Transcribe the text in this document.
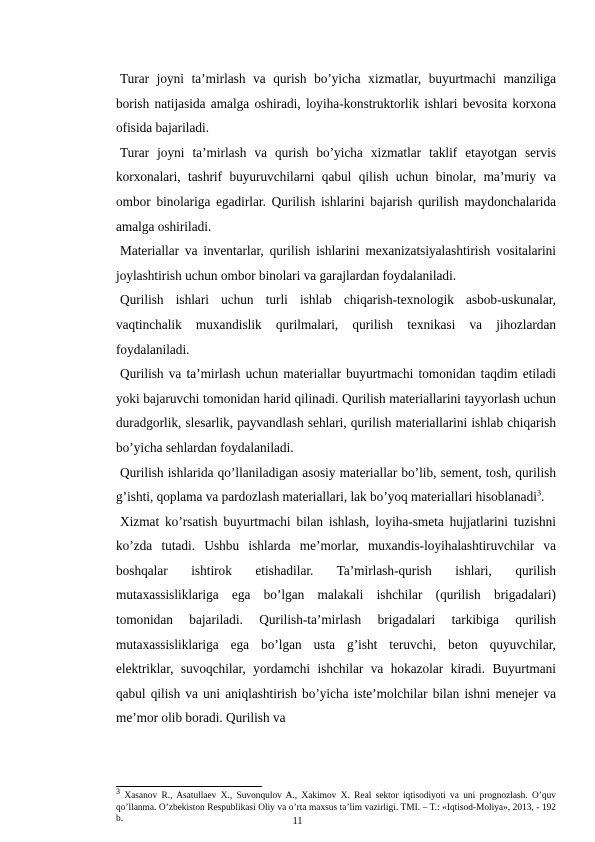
Turar joyni ta’mirlash va qurish bo’yicha xizmatlar, buyurtmachi manziliga borish natijasida amalga oshiradi, loyiha-konstruktorlik ishlari bevosita korxona ofisida bajariladi.

Turar joyni ta’mirlash va qurish bo’yicha xizmatlar taklif etayotgan servis korxonalari, tashrif buyuruvchilarni qabul qilish uchun binolar, ma’muriy va ombor binolariga egadirlar. Qurilish ishlarini bajarish qurilish maydonchalarida amalga oshiriladi.

Materiallar va inventarlar, qurilish ishlarini mexanizatsiyalashtirish vositalarini joylashtirish uchun ombor binolari va garajlardan foydalaniladi.

Qurilish ishlari uchun turli ishlab chiqarish-texnologik asbob-uskunalar, vaqtinchalik muxandislik qurilmalari, qurilish texnikasi va jihozlardan foydalaniladi.

Qurilish va ta’mirlash uchun materiallar buyurtmachi tomonidan taqdim etiladi yoki bajaruvchi tomonidan harid qilinadi. Qurilish materiallarini tayyorlash uchun duradgorlik, slesarlik, payvandlash sehlari, qurilish materiallarini ishlab chiqarish bo’yicha sehlardan foydalaniladi.

Qurilish ishlarida qo’llaniladigan asosiy materiallar bo’lib, sement, tosh, qurilish g’ishti, qoplama va pardozlash materiallari, lak bo’yoq materiallari hisoblanadi$^3$.

Xizmat ko’rsatish buyurtmachi bilan ishlash, loyiha-smeta hujjatlarini tuzishni ko’zda tutadi. Ushbu ishlarda me’morlar, muxandis-loyihalashtiruvchilar va boshqalar ishtirok etishadilar. Ta’mirlash-qurish ishlari, qurilish mutaxassisliklariga ega bo’lgan malakali ishchilar (qurilish brigadalari) tomonidan bajariladi. Qurilish-ta’mirlash brigadalari tarkibiga qurilish mutaxassisliklariga ega bo’lgan usta g’isht teruvchi, beton quyuvchilar, elektriklar, suvoqchilar, yordamchi ishchilar va hokazolar kiradi. Buyurtmani qabul qilish va uni aniqlashtirish bo’yicha iste’molchilar bilan ishni menejer va me’mor olib boradi. Qurilish va

$^3$ Xasanov R., Asatullaev X., Suvonqulov A., Xakimov X. Real sektor iqtisodiyoti va uni prognozlash. O’quv qo’llanma. O’zbekiston Respublikasi Oliy va o’rta maxsus ta’lim vazirligi. TMI. – T.: «Iqtisod-Moliya», 2013, - 192 b.	11
